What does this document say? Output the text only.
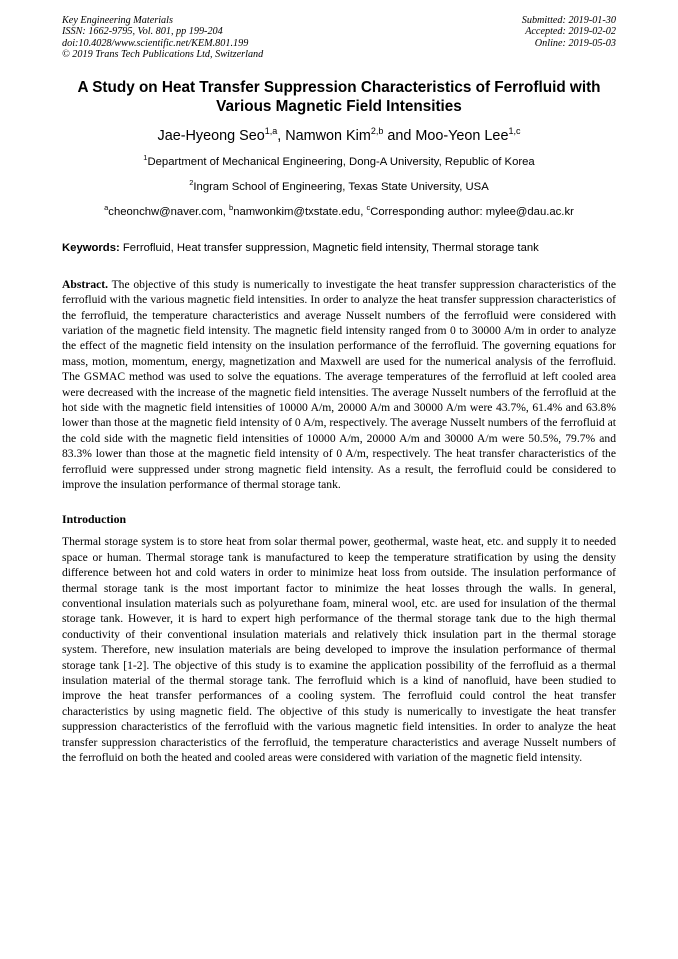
Key Engineering Materials
ISSN: 1662-9795, Vol. 801, pp 199-204
doi:10.4028/www.scientific.net/KEM.801.199
© 2019 Trans Tech Publications Ltd, Switzerland
Submitted: 2019-01-30
Accepted: 2019-02-02
Online: 2019-05-03
A Study on Heat Transfer Suppression Characteristics of Ferrofluid with Various Magnetic Field Intensities
Jae-Hyeong Seo$^{1,a}$, Namwon Kim$^{2,b}$ and Moo-Yeon Lee$^{1,c}$
$^1$Department of Mechanical Engineering, Dong-A University, Republic of Korea
$^2$Ingram School of Engineering, Texas State University, USA
$^a$cheonchw@naver.com, $^b$namwonkim@txstate.edu, $^c$Corresponding author: mylee@dau.ac.kr
Keywords: Ferrofluid, Heat transfer suppression, Magnetic field intensity, Thermal storage tank

Abstract. The objective of this study is numerically to investigate the heat transfer suppression characteristics of the ferrofluid with the various magnetic field intensities. In order to analyze the heat transfer suppression characteristics of the ferrofluid, the temperature characteristics and average Nusselt numbers of the ferrofluid were considered with variation of the magnetic field intensity. The magnetic field intensity ranged from 0 to 30000 A/m in order to analyze the effect of the magnetic field intensity on the insulation performance of the ferrofluid. The governing equations for mass, motion, momentum, energy, magnetization and Maxwell are used for the numerical analysis of the ferrofluid. The GSMAC method was used to solve the equations. The average temperatures of the ferrofluid at left cooled area were decreased with the increase of the magnetic field intensities. The average Nusselt numbers of the ferrofluid at the hot side with the magnetic field intensities of 10000 A/m, 20000 A/m and 30000 A/m were 43.7%, 61.4% and 63.8% lower than those at the magnetic field intensity of 0 A/m, respectively. The average Nusselt numbers of the ferrofluid at the cold side with the magnetic field intensities of 10000 A/m, 20000 A/m and 30000 A/m were 50.5%, 79.7% and 83.3% lower than those at the magnetic field intensity of 0 A/m, respectively. The heat transfer characteristics of the ferrofluid were suppressed under strong magnetic field intensity. As a result, the ferrofluid could be considered to improve the insulation performance of thermal storage tank.

Introduction

Thermal storage system is to store heat from solar thermal power, geothermal, waste heat, etc. and supply it to needed space or human. Thermal storage tank is manufactured to keep the temperature stratification by using the density difference between hot and cold waters in order to minimize heat loss from outside. The insulation performance of thermal storage tank is the most important factor to minimize the heat losses through the walls. In general, conventional insulation materials such as polyurethane foam, mineral wool, etc. are used for insulation of the thermal storage tank. However, it is hard to expert high performance of the thermal storage tank due to the high thermal conductivity of their conventional insulation materials and relatively thick insulation part in the thermal storage system. Therefore, new insulation materials are being developed to improve the insulation performance of thermal storage tank [1-2]. The objective of this study is to examine the application possibility of the ferrofluid as a thermal insulation material of the thermal storage tank. The ferrofluid which is a kind of nanofluid, have been studied to improve the heat transfer performances of a cooling system. The ferrofluid could control the heat transfer characteristics by using magnetic field. The objective of this study is numerically to investigate the heat transfer suppression characteristics of the ferrofluid with the various magnetic field intensities. In order to analyze the heat transfer suppression characteristics of the ferrofluid, the temperature characteristics and average Nusselt numbers of the ferrofluid on both the heated and cooled areas were considered with variation of the magnetic field intensity.
